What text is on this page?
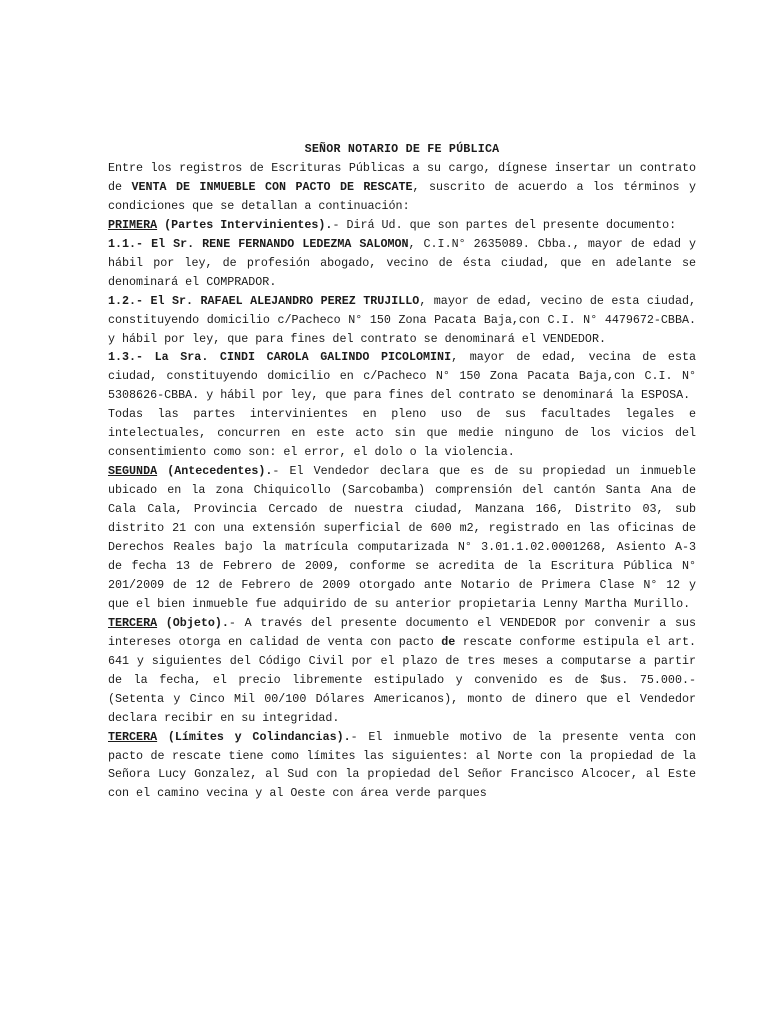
SEÑOR NOTARIO DE FE PÚBLICA

Entre los registros de Escrituras Públicas a su cargo, dígnese insertar un contrato de VENTA DE INMUEBLE CON PACTO DE RESCATE, suscrito de acuerdo a los términos y condiciones que se detallan a continuación:

PRIMERA (Partes Intervinientes).- Dirá Ud. que son partes del presente documento:

1.1.- El Sr. RENE FERNANDO LEDEZMA SALOMON, C.I.N° 2635089. Cbba., mayor de edad y hábil por ley, de profesión abogado, vecino de ésta ciudad, que en adelante se denominará el COMPRADOR.

1.2.- El Sr. RAFAEL ALEJANDRO PEREZ TRUJILLO, mayor de edad, vecino de esta ciudad, constituyendo domicilio c/Pacheco N° 150 Zona Pacata Baja,con C.I. N° 4479672-CBBA. y hábil por ley, que para fines del contrato se denominará el VENDEDOR.

1.3.- La Sra. CINDI CAROLA GALINDO PICOLOMINI, mayor de edad, vecina de esta ciudad, constituyendo domicilio en c/Pacheco N° 150 Zona Pacata Baja,con C.I. N° 5308626-CBBA. y hábil por ley, que para fines del contrato se denominará la ESPOSA.

Todas las partes intervinientes en pleno uso de sus facultades legales e intelectuales, concurren en este acto sin que medie ninguno de los vicios del consentimiento como son: el error, el dolo o la violencia.

SEGUNDA (Antecedentes).- El Vendedor declara que es de su propiedad un inmueble ubicado en la zona Chiquicollo (Sarcobamba) comprensión del cantón Santa Ana de Cala Cala, Provincia Cercado de nuestra ciudad, Manzana 166, Distrito 03, sub distrito 21 con una extensión superficial de 600 m2, registrado en las oficinas de Derechos Reales bajo la matrícula computarizada N° 3.01.1.02.0001268, Asiento A-3 de fecha 13 de Febrero de 2009, conforme se acredita de la Escritura Pública N° 201/2009 de 12 de Febrero de 2009 otorgado ante Notario de Primera Clase N° 12 y que el bien inmueble fue adquirido de su anterior propietaria Lenny Martha Murillo.

TERCERA (Objeto).- A través del presente documento el VENDEDOR por convenir a sus intereses otorga en calidad de venta con pacto de rescate conforme estipula el art. 641 y siguientes del Código Civil por el plazo de tres meses a computarse a partir de la fecha, el precio libremente estipulado y convenido es de $us. 75.000.- (Setenta y Cinco Mil 00/100 Dólares Americanos), monto de dinero que el Vendedor declara recibir en su integridad.

TERCERA (Límites y Colindancias).- El inmueble motivo de la presente venta con pacto de rescate tiene como límites las siguientes: al Norte con la propiedad de la Señora Lucy Gonzalez, al Sud con la propiedad del Señor Francisco Alcocer, al Este con el camino vecina y al Oeste con área verde parques
